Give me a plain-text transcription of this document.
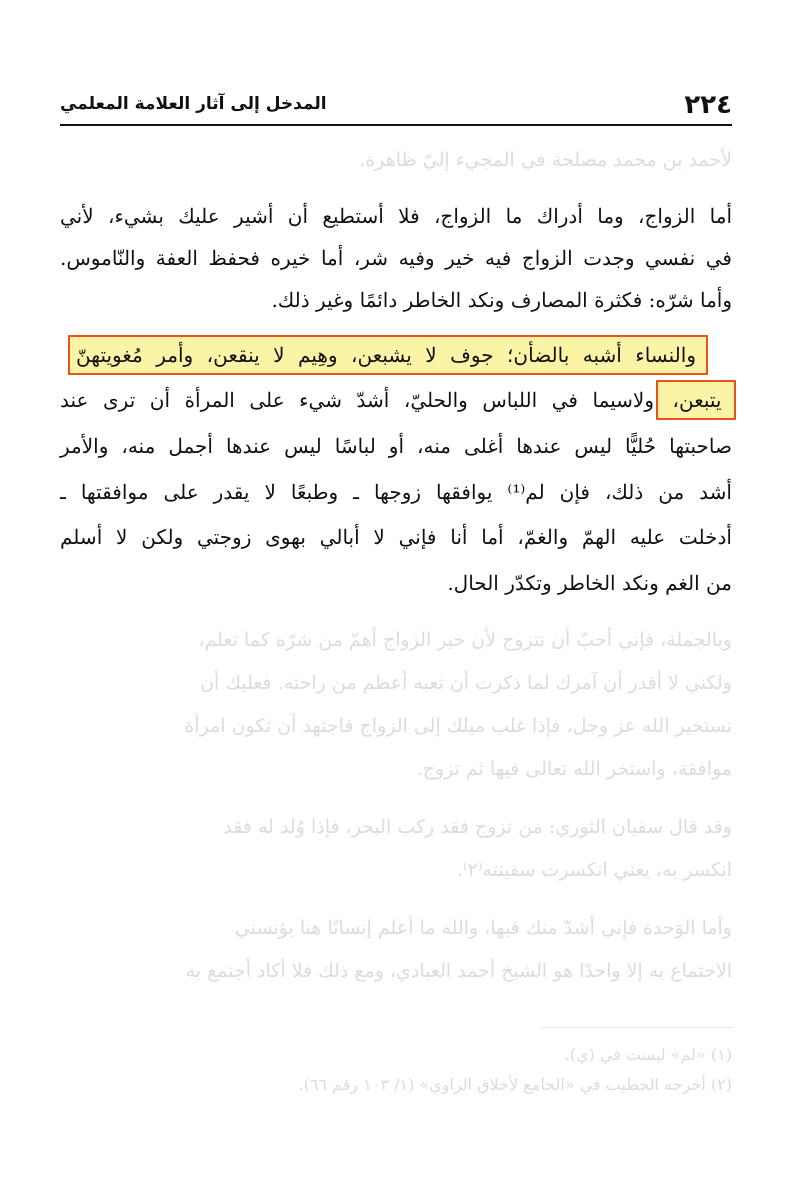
٢٢٤
المدخل إلى آثار العلامة المعلمي
لأحمد بن محمد مصلحة في المجيء إليّ ظاهرة.
أما الزواج، وما أدراك ما الزواج، فلا أستطيع أن أشير عليك بشيء، لأني
في نفسي وجدت الزواج فيه خير وفيه شر، أما خيره فحفظ العفة والنّاموس.
وأما شرّه: فكثرة المصارف ونكد الخاطر دائمًا وغير ذلك.
والنساء أشبه بالضأن؛ جوف لا يشبعن، وهِيم لا ينقعن، وأمر مُغويتهنّ
يتبعن،
ولاسيما في اللباس والحليّ، أشدّ شيء على المرأة أن ترى عند
صاحبتها حُليًّا ليس عندها أغلى منه، أو لباسًا ليس عندها أجمل منه، والأمر
أشد من ذلك، فإن لم⁽¹⁾ يوافقها زوجها ـ وطبعًا لا يقدر على موافقتها ـ
أدخلت عليه الهمّ والغمّ، أما أنا فإني لا أبالي بهوى زوجتي ولكن لا أسلم
من الغم ونكد الخاطر وتكدّر الحال.
وبالجملة، فإني أحبّ أن تتزوج لأن خير الزواج أهمّ من شرّه كما تعلم،
ولكني لا أقدر أن آمرك لما ذكرت أن تعبه أعظم من راحته. فعليك أن
تستخير الله عز وجل، فإذا غلب ميلك إلى الزواج فاجتهد أن تكون امرأة
موافقة، واستخر الله تعالى فيها ثم تزوج.
وقد قال سفيان الثوري: من تزوج فقد ركب البحر، فإذا وُلد له فقد
انكسر به، يعني انكسرت سفينته⁽٢⁾.
وأما الوَحدة فإني أشدّ منك فيها، والله ما أعلم إنسانًا هنا يؤنسني
الاجتماع به إلا واحدًا هو الشيخ أحمد العبادي، ومع ذلك فلا أكاد أجتمع به
(١) «لم» ليست في (ي).
(٢) أخرجه الخطيب في «الجامع لأخلاق الراوي» (١/ ١٠٣ رقم ٦٦).
